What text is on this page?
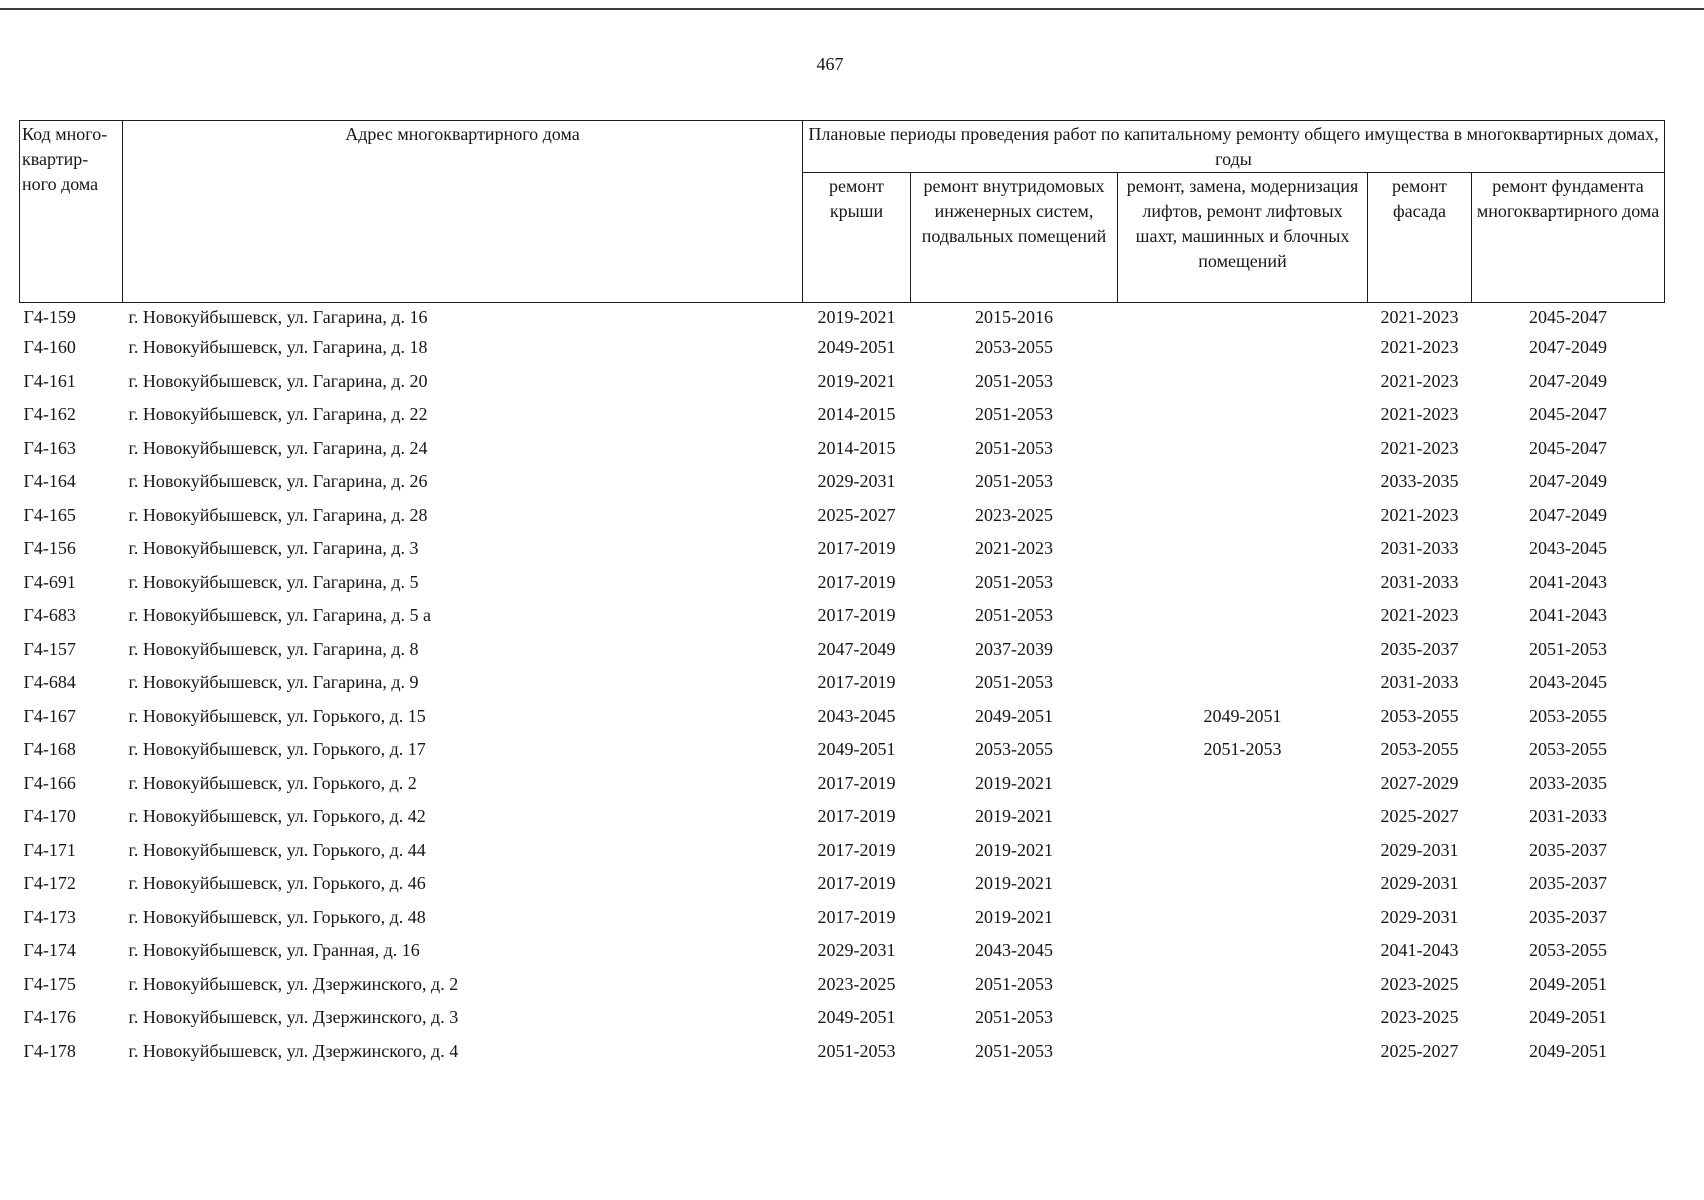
467
Код много-квартир-ного дома	Адрес многоквартирного дома	Плановые периоды проведения работ по капитальному ремонту общего имущества в многоквартирных домах, годы				
		ремонт крыши	ремонт внутридомовых инженерных систем, подвальных помещений	ремонт, замена, модернизация лифтов, ремонт лифтовых шахт, машинных и блочных помещений	ремонт фасада	ремонт фундамента многоквартирного дома
Г4-159	г. Новокуйбышевск, ул. Гагарина, д. 16	2019-2021	2015-2016		2021-2023	2045-2047
Г4-160	г. Новокуйбышевск, ул. Гагарина, д. 18	2049-2051	2053-2055		2021-2023	2047-2049
Г4-161	г. Новокуйбышевск, ул. Гагарина, д. 20	2019-2021	2051-2053		2021-2023	2047-2049
Г4-162	г. Новокуйбышевск, ул. Гагарина, д. 22	2014-2015	2051-2053		2021-2023	2045-2047
Г4-163	г. Новокуйбышевск, ул. Гагарина, д. 24	2014-2015	2051-2053		2021-2023	2045-2047
Г4-164	г. Новокуйбышевск, ул. Гагарина, д. 26	2029-2031	2051-2053		2033-2035	2047-2049
Г4-165	г. Новокуйбышевск, ул. Гагарина, д. 28	2025-2027	2023-2025		2021-2023	2047-2049
Г4-156	г. Новокуйбышевск, ул. Гагарина, д. 3	2017-2019	2021-2023		2031-2033	2043-2045
Г4-691	г. Новокуйбышевск, ул. Гагарина, д. 5	2017-2019	2051-2053		2031-2033	2041-2043
Г4-683	г. Новокуйбышевск, ул. Гагарина, д. 5 а	2017-2019	2051-2053		2021-2023	2041-2043
Г4-157	г. Новокуйбышевск, ул. Гагарина, д. 8	2047-2049	2037-2039		2035-2037	2051-2053
Г4-684	г. Новокуйбышевск, ул. Гагарина, д. 9	2017-2019	2051-2053		2031-2033	2043-2045
Г4-167	г. Новокуйбышевск, ул. Горького, д. 15	2043-2045	2049-2051	2049-2051	2053-2055	2053-2055
Г4-168	г. Новокуйбышевск, ул. Горького, д. 17	2049-2051	2053-2055	2051-2053	2053-2055	2053-2055
Г4-166	г. Новокуйбышевск, ул. Горького, д. 2	2017-2019	2019-2021		2027-2029	2033-2035
Г4-170	г. Новокуйбышевск, ул. Горького, д. 42	2017-2019	2019-2021		2025-2027	2031-2033
Г4-171	г. Новокуйбышевск, ул. Горького, д. 44	2017-2019	2019-2021		2029-2031	2035-2037
Г4-172	г. Новокуйбышевск, ул. Горького, д. 46	2017-2019	2019-2021		2029-2031	2035-2037
Г4-173	г. Новокуйбышевск, ул. Горького, д. 48	2017-2019	2019-2021		2029-2031	2035-2037
Г4-174	г. Новокуйбышевск, ул. Гранная, д. 16	2029-2031	2043-2045		2041-2043	2053-2055
Г4-175	г. Новокуйбышевск, ул. Дзержинского, д. 2	2023-2025	2051-2053		2023-2025	2049-2051
Г4-176	г. Новокуйбышевск, ул. Дзержинского, д. 3	2049-2051	2051-2053		2023-2025	2049-2051
Г4-178	г. Новокуйбышевск, ул. Дзержинского, д. 4	2051-2053	2051-2053		2025-2027	2049-2051
